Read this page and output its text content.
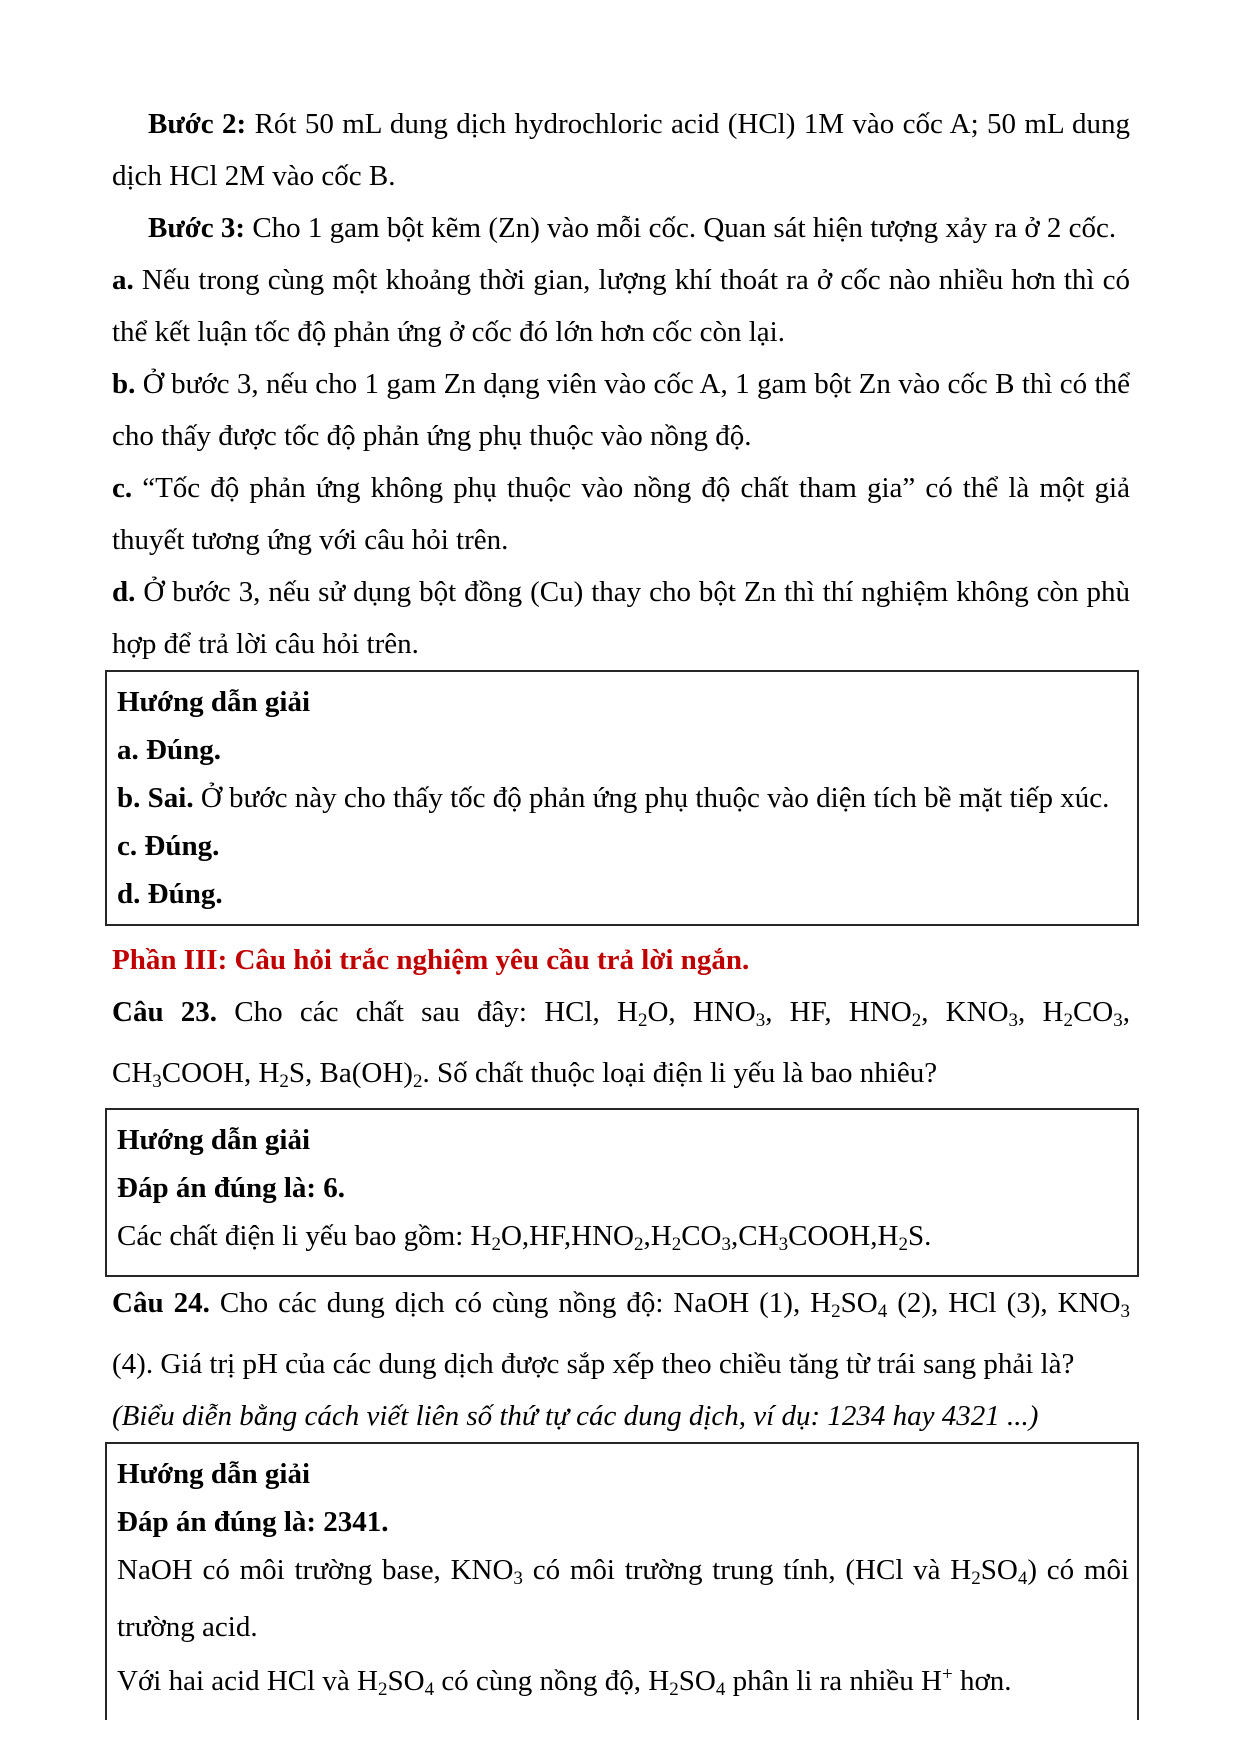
Bước 2: Rót 50 mL dung dịch hydrochloric acid (HCl) 1M vào cốc A; 50 mL dung dịch HCl 2M vào cốc B.

Bước 3: Cho 1 gam bột kẽm (Zn) vào mỗi cốc. Quan sát hiện tượng xảy ra ở 2 cốc.

a. Nếu trong cùng một khoảng thời gian, lượng khí thoát ra ở cốc nào nhiều hơn thì có thể kết luận tốc độ phản ứng ở cốc đó lớn hơn cốc còn lại.

b. Ở bước 3, nếu cho 1 gam Zn dạng viên vào cốc A, 1 gam bột Zn vào cốc B thì có thể cho thấy được tốc độ phản ứng phụ thuộc vào nồng độ.

c. “Tốc độ phản ứng không phụ thuộc vào nồng độ chất tham gia” có thể là một giả thuyết tương ứng với câu hỏi trên.

d. Ở bước 3, nếu sử dụng bột đồng (Cu) thay cho bột Zn thì thí nghiệm không còn phù hợp để trả lời câu hỏi trên.

Hướng dẫn giải

a. Đúng.

b. Sai. Ở bước này cho thấy tốc độ phản ứng phụ thuộc vào diện tích bề mặt tiếp xúc.

c. Đúng.

d. Đúng.

Phần III: Câu hỏi trắc nghiệm yêu cầu trả lời ngắn.

Câu 23. Cho các chất sau đây: HCl, $H_2O$, $HNO_3$, HF, $HNO_2$, $KNO_3$, $H_2CO_3$, $CH_3COOH$, $H_2S$, $Ba(OH)_2$. Số chất thuộc loại điện li yếu là bao nhiêu?

Hướng dẫn giải

Đáp án đúng là: 6.

Các chất điện li yếu bao gồm: $H_2O,HF,HNO_2,H_2CO_3,CH_3COOH,H_2S$.

Câu 24. Cho các dung dịch có cùng nồng độ: NaOH (1), $H_2SO_4$ (2), HCl (3), $KNO_3$ (4). Giá trị pH của các dung dịch được sắp xếp theo chiều tăng từ trái sang phải là?

(Biểu diễn bằng cách viết liên số thứ tự các dung dịch, ví dụ: 1234 hay 4321 ...)

Hướng dẫn giải

Đáp án đúng là: 2341.

NaOH có môi trường base, $KNO_3$ có môi trường trung tính, (HCl và $H_2SO_4$) có môi trường acid.

Với hai acid HCl và $H_2SO_4$ có cùng nồng độ, $H_2SO_4$ phân li ra nhiều H+ hơn.
